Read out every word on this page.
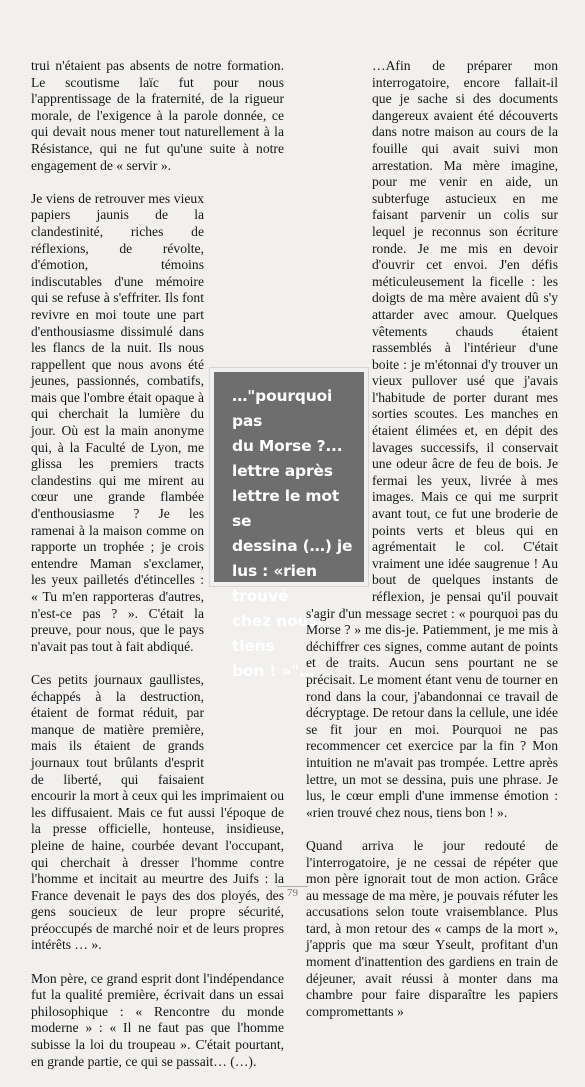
trui n'étaient pas absents de notre formation. Le scoutisme laïc fut pour nous l'apprentissage de la fraternité, de la rigueur morale, de l'exigence à la parole donnée, ce qui devait nous mener tout naturellement à la Résistance, qui ne fut qu'une suite à notre engagement de « servir ».

Je viens de retrouver mes vieux papiers jaunis de la clandestinité, riches de réflexions, de révolte, d'émotion, témoins indiscutables d'une mémoire qui se refuse à s'effriter. Ils font revivre en moi toute une part d'enthousiasme dissimulé dans les flancs de la nuit. Ils nous rappellent que nous avons été jeunes, passionnés, combatifs, mais que l'ombre était opaque à qui cherchait la lumière du jour. Où est la main anonyme qui, à la Faculté de Lyon, me glissa les premiers tracts clandestins qui me mirent au cœur une grande flambée d'enthousiasme ? Je les ramenai à la maison comme on rapporte un trophée ; je crois entendre Maman s'exclamer, les yeux pailletés d'étincelles : « Tu m'en rapporteras d'autres, n'est-ce pas ? ». C'était la preuve, pour nous, que le pays n'avait pas tout à fait abdiqué.

Ces petits journaux gaullistes, échappés à la destruction, étaient de format réduit, par manque de matière première, mais ils étaient de grands journaux tout brûlants d'esprit de liberté, qui faisaient encourir la mort à ceux qui les imprimaient ou les diffusaient. Mais ce fut aussi l'époque de la presse officielle, honteuse, insidieuse, pleine de haine, courbée devant l'occupant, qui cherchait à dresser l'homme contre l'homme et incitait au meurtre des Juifs : la France devenait le pays des dos ployés, des gens soucieux de leur propre sécurité, préoccupés de marché noir et de leurs propres intérêts … ».

Mon père, ce grand esprit dont l'indépendance fut la qualité première, écrivait dans un essai philosophique : « Rencontre du monde moderne » : « Il ne faut pas que l'homme subisse la loi du troupeau ». C'était pourtant, en grande partie, ce qui se passait… (…).

…Afin de préparer mon interrogatoire, encore fallait-il que je sache si des documents dangereux avaient été découverts dans notre maison au cours de la fouille qui avait suivi mon arrestation. Ma mère imagine, pour me venir en aide, un subterfuge astucieux en me faisant parvenir un colis sur lequel je reconnus son écriture ronde. Je me mis en devoir d'ouvrir cet envoi. J'en défis méticuleusement la ficelle : les doigts de ma mère avaient dû s'y attarder avec amour. Quelques vêtements chauds étaient rassemblés à l'intérieur d'une boite : je m'étonnai d'y trouver un vieux pullover usé que j'avais l'habitude de porter durant mes sorties scoutes. Les manches en étaient élimées et, en dépit des lavages successifs, il conservait une odeur âcre de feu de bois. Je fermai les yeux, livrée à mes images. Mais ce qui me surprit avant tout, ce fut une broderie de points verts et bleus qui en agrémentait le col. C'était vraiment une idée saugrenue ! Au bout de quelques instants de réflexion, je pensai qu'il pouvait s'agir d'un message secret : « pourquoi pas du Morse ? » me dis-je. Patiemment, je me mis à déchiffrer ces signes, comme autant de points et de traits. Aucun sens pourtant ne se précisait. Le moment étant venu de tourner en rond dans la cour, j'abandonnai ce travail de décryptage. De retour dans la cellule, une idée se fit jour en moi. Pourquoi ne pas recommencer cet exercice par la fin ? Mon intuition ne m'avait pas trompée. Lettre après lettre, un mot se dessina, puis une phrase. Je lus, le cœur empli d'une immense émotion : «rien trouvé chez nous, tiens bon ! ».

Quand arriva le jour redouté de l'interrogatoire, je ne cessai de répéter que mon père ignorait tout de mon action. Grâce au message de ma mère, je pouvais réfuter les accusations selon toute vraisemblance. Plus tard, à mon retour des « camps de la mort », j'appris que ma sœur Yseult, profitant d'un moment d'inattention des gardiens en train de déjeuner, avait réussi à monter dans ma chambre pour faire disparaître les papiers compromettants »

…"pourquoi pas
du Morse ?...
lettre après
lettre le mot se
dessina (…) je
lus : «rien trouvé
chez nous, tiens
bon ! »"…
79
